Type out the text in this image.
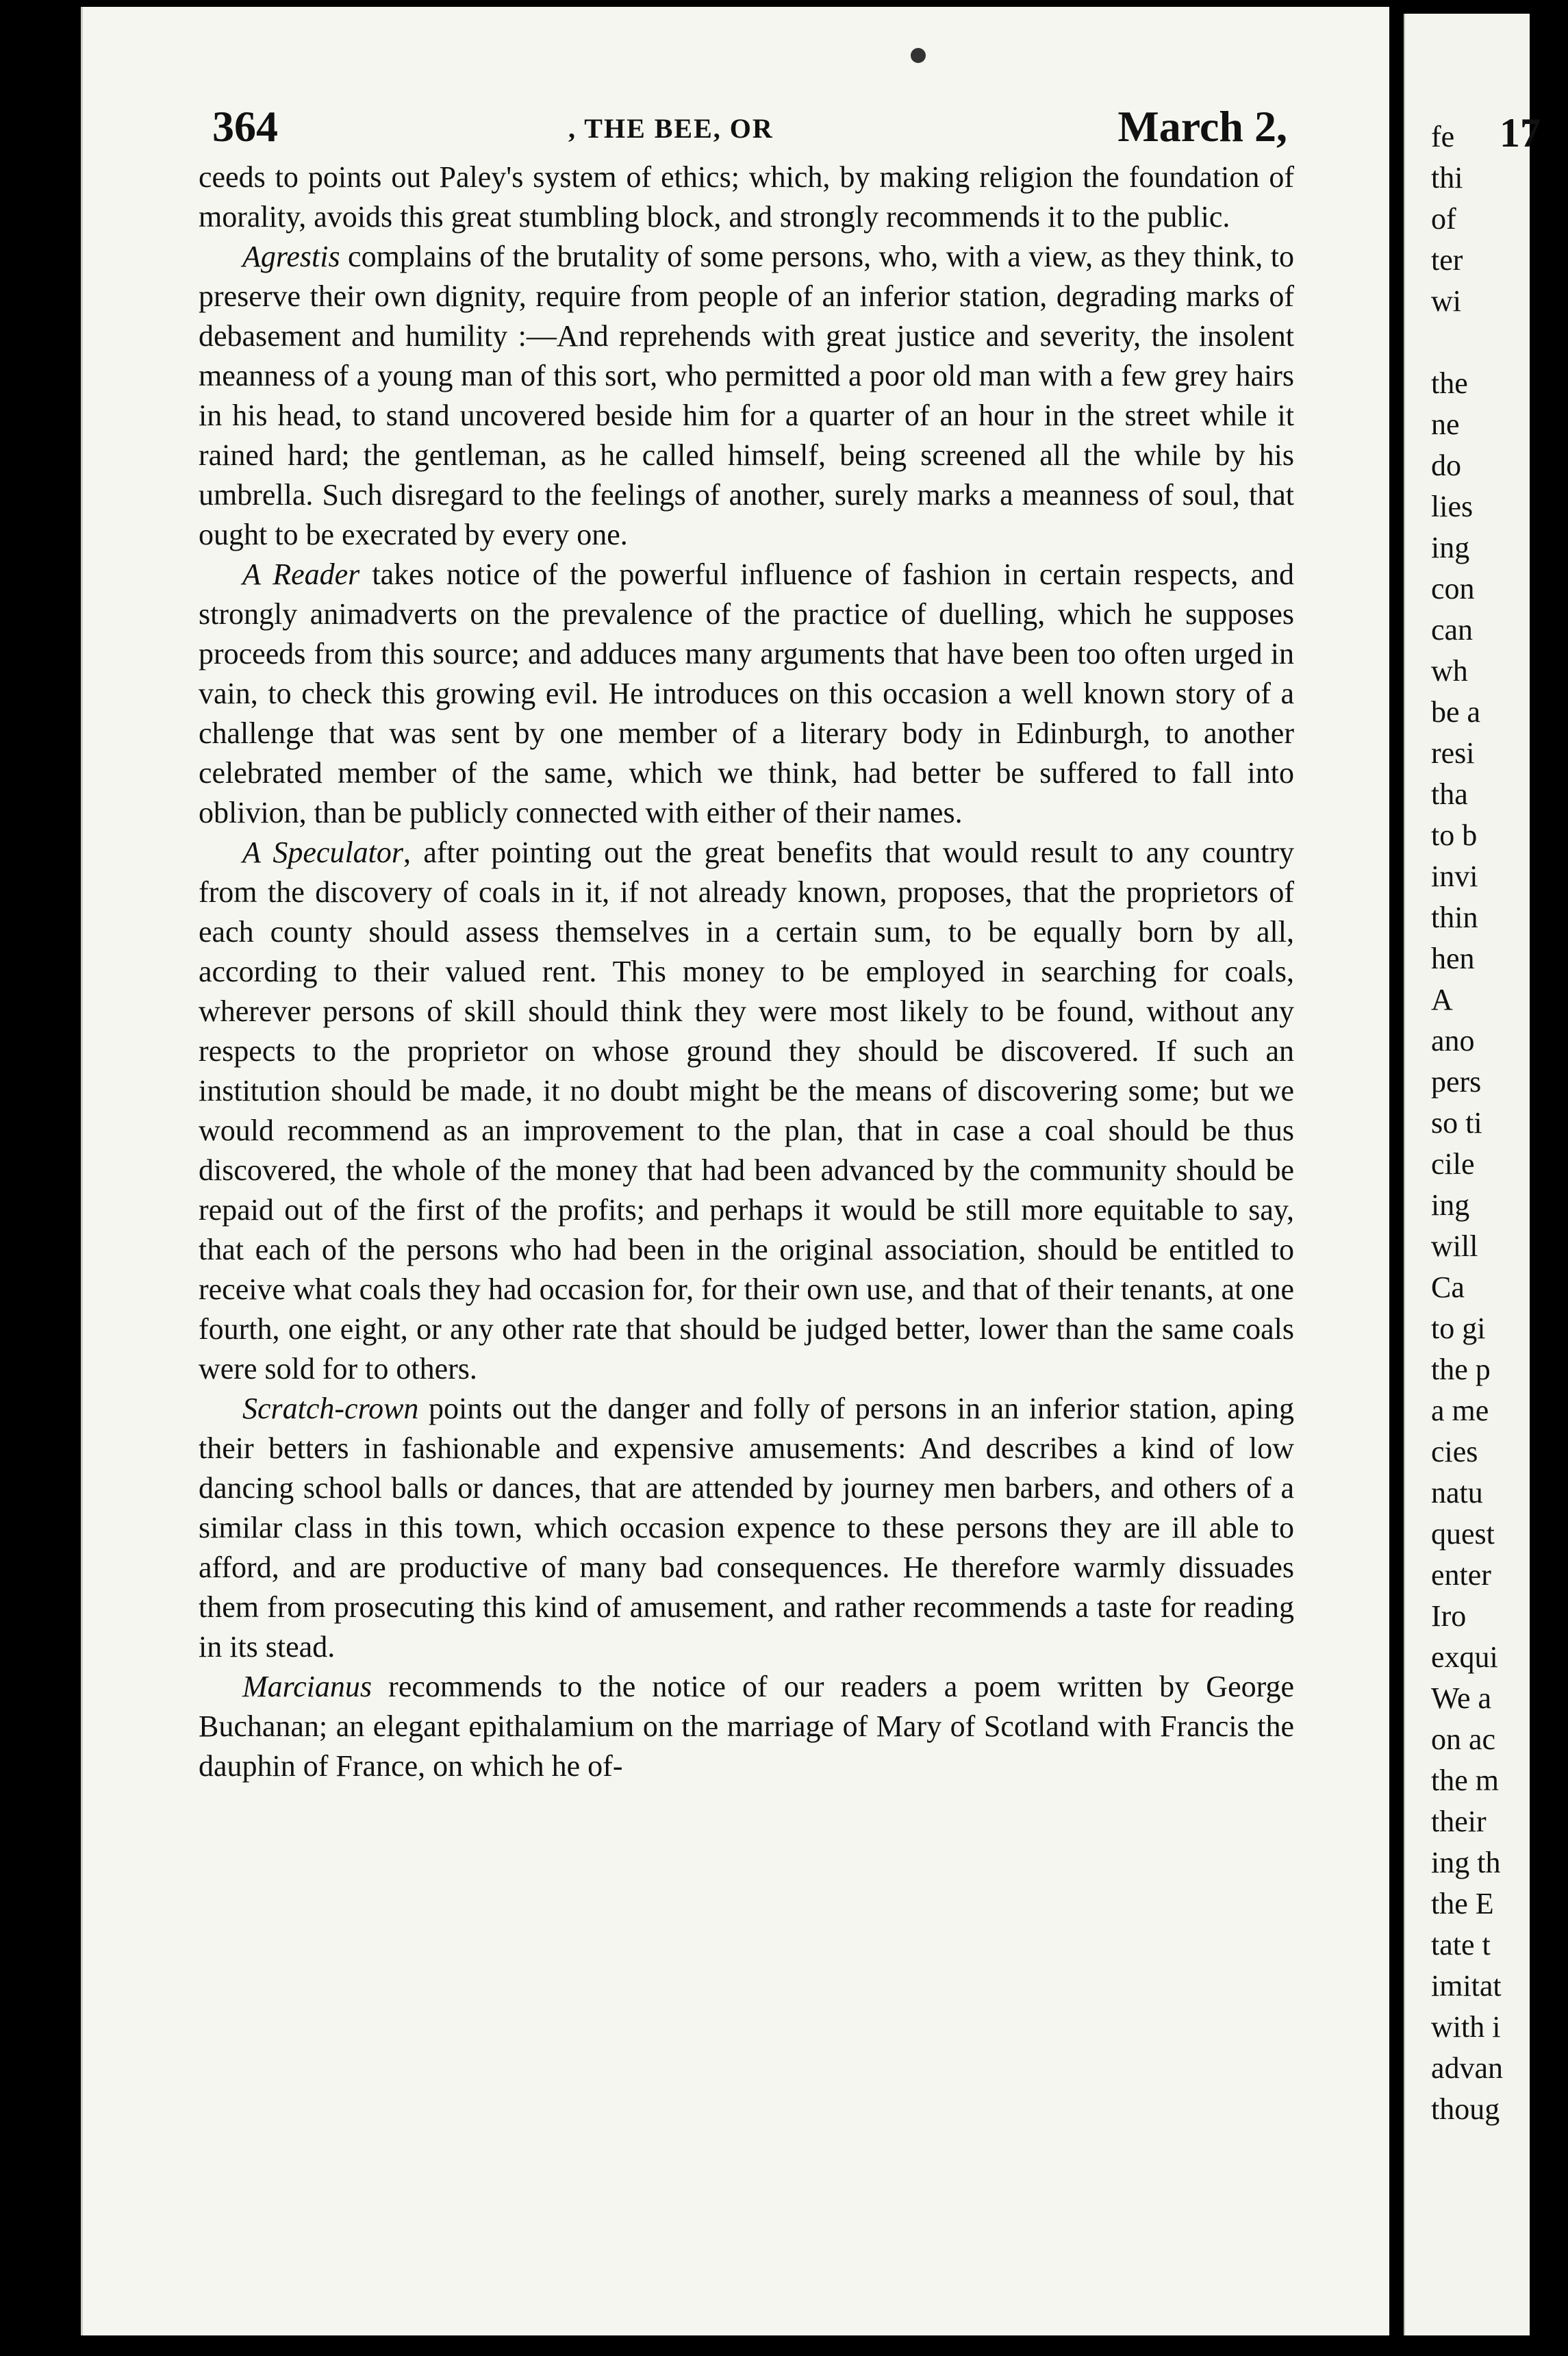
364	, THE BEE, OR	March 2,

ceeds to points out Paley's system of ethics; which, by making religion the foundation of morality, avoids this great stumbling block, and strongly recommends it to the public.

Agrestis complains of the brutality of some persons, who, with a view, as they think, to preserve their own dignity, require from people of an inferior station, degrading marks of debasement and humility :—And reprehends with great justice and severity, the insolent meanness of a young man of this sort, who permitted a poor old man with a few grey hairs in his head, to stand uncovered beside him for a quarter of an hour in the street while it rained hard; the gentleman, as he called himself, being screened all the while by his umbrella. Such disregard to the feelings of another, surely marks a meanness of soul, that ought to be execrated by every one.

A Reader takes notice of the powerful influence of fashion in certain respects, and strongly animadverts on the prevalence of the practice of duelling, which he supposes proceeds from this source; and adduces many arguments that have been too often urged in vain, to check this growing evil. He introduces on this occasion a well known story of a challenge that was sent by one member of a literary body in Edinburgh, to another celebrated member of the same, which we think, had better be suffered to fall into oblivion, than be publicly connected with either of their names.

A Speculator, after pointing out the great benefits that would result to any country from the discovery of coals in it, if not already known, proposes, that the proprietors of each county should assess themselves in a certain sum, to be equally born by all, according to their valued rent. This money to be employed in searching for coals, wherever persons of skill should think they were most likely to be found, without any respects to the proprietor on whose ground they should be discovered. If such an institution should be made, it no doubt might be the means of discovering some; but we would recommend as an improvement to the plan, that in case a coal should be thus discovered, the whole of the money that had been advanced by the community should be repaid out of the first of the profits; and perhaps it would be still more equitable to say, that each of the persons who had been in the original association, should be entitled to receive what coals they had occasion for, for their own use, and that of their tenants, at one fourth, one eight, or any other rate that should be judged better, lower than the same coals were sold for to others.

Scratch-crown points out the danger and folly of persons in an inferior station, aping their betters in fashionable and expensive amusements: And describes a kind of low dancing school balls or dances, that are attended by journey men barbers, and others of a similar class in this town, which occasion expence to these persons they are ill able to afford, and are productive of many bad consequences. He therefore warmly dissuades them from prosecuting this kind of amusement, and rather recommends a taste for reading in its stead.

Marcianus recommends to the notice of our readers a poem written by George Buchanan; an elegant epithalamium on the marriage of Mary of Scotland with Francis the dauphin of France, on which he of-

17
fe
thi
of
ter
wi
the
ne
do
lies
ing
con
can
wh
be a
resi
tha
to b
invi
thin
hen
A
ano
pers
so ti
cile
ing
will
Ca
to gi
the p
a me
cies
natu
quest
enter
Iro
exqui
We a
on ac
the m
their
ing th
the E
tate t
imitat
with i
advan
thoug
